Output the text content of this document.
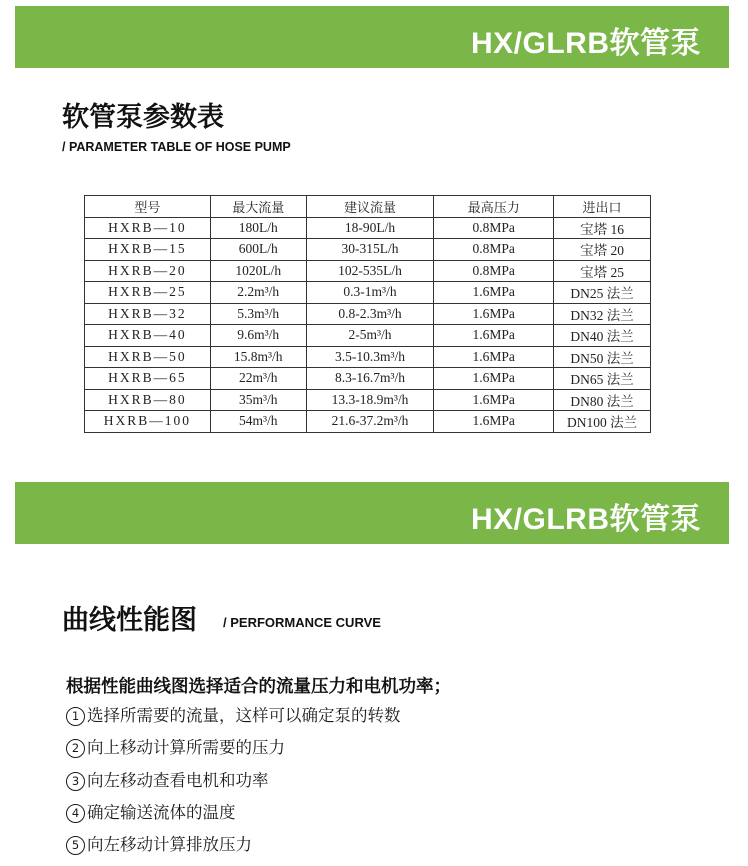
HX/GLRB软管泵
软管泵参数表
/ PARAMETER TABLE OF HOSE PUMP
型号	最大流量	建议流量	最高压力	进出口
HXRB—10	180L/h	18-90L/h	0.8MPa	宝塔 16
HXRB—15	600L/h	30-315L/h	0.8MPa	宝塔 20
HXRB—20	1020L/h	102-535L/h	0.8MPa	宝塔 25
HXRB—25	2.2m³/h	0.3-1m³/h	1.6MPa	DN25 法兰
HXRB—32	5.3m³/h	0.8-2.3m³/h	1.6MPa	DN32 法兰
HXRB—40	9.6m³/h	2-5m³/h	1.6MPa	DN40 法兰
HXRB—50	15.8m³/h	3.5-10.3m³/h	1.6MPa	DN50 法兰
HXRB—65	22m³/h	8.3-16.7m³/h	1.6MPa	DN65 法兰
HXRB—80	35m³/h	13.3-18.9m³/h	1.6MPa	DN80 法兰
HXRB—100	54m³/h	21.6-37.2m³/h	1.6MPa	DN100 法兰
HX/GLRB软管泵
曲线性能图 / PERFORMANCE CURVE
根据性能曲线图选择适合的流量压力和电机功率；
1 选择所需要的流量，这样可以确定泵的转数
2 向上移动计算所需要的压力
3 向左移动查看电机和功率
4 确定输送流体的温度
5 向左移动计算排放压力
